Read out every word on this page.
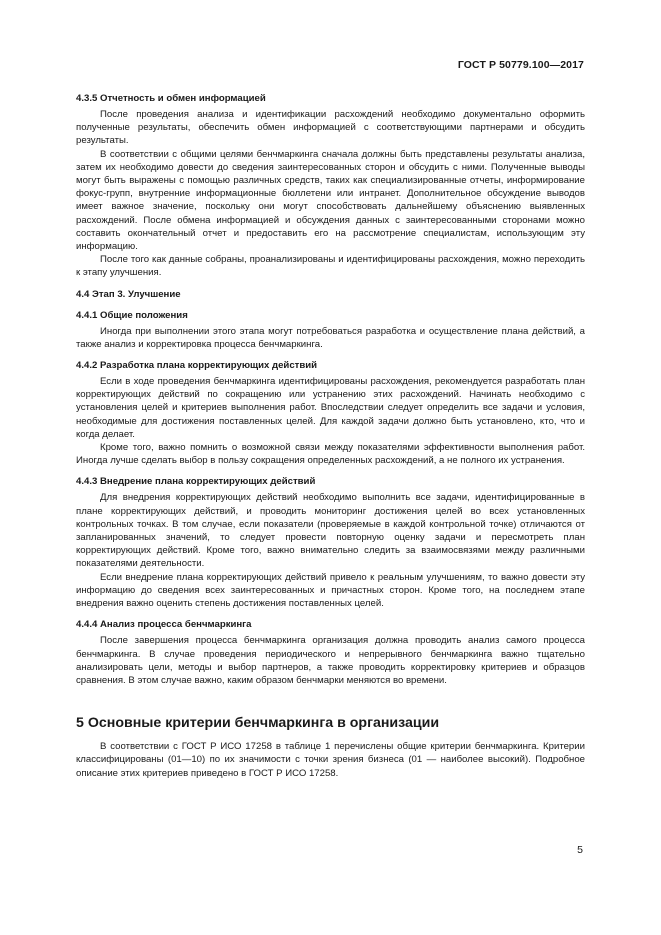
ГОСТ Р 50779.100—2017

4.3.5 Отчетность и обмен информацией

После проведения анализа и идентификации расхождений необходимо документально оформить полученные результаты, обеспечить обмен информацией с соответствующими партнерами и обсудить результаты.

В соответствии с общими целями бенчмаркинга сначала должны быть представлены результаты анализа, затем их необходимо довести до сведения заинтересованных сторон и обсудить с ними. Полученные выводы могут быть выражены с помощью различных средств, таких как специализированные отчеты, информирование фокус-групп, внутренние информационные бюллетени или интранет. Дополнительное обсуждение выводов имеет важное значение, поскольку они могут способствовать дальнейшему объяснению выявленных расхождений. После обмена информацией и обсуждения данных с заинтересованными сторонами можно составить окончательный отчет и предоставить его на рассмотрение специалистам, использующим эту информацию.

После того как данные собраны, проанализированы и идентифицированы расхождения, можно переходить к этапу улучшения.

4.4 Этап 3. Улучшение

4.4.1 Общие положения

Иногда при выполнении этого этапа могут потребоваться разработка и осуществление плана действий, а также анализ и корректировка процесса бенчмаркинга.

4.4.2 Разработка плана корректирующих действий

Если в ходе проведения бенчмаркинга идентифицированы расхождения, рекомендуется разработать план корректирующих действий по сокращению или устранению этих расхождений. Начинать необходимо с установления целей и критериев выполнения работ. Впоследствии следует определить все задачи и условия, необходимые для достижения поставленных целей. Для каждой задачи должно быть установлено, кто, что и когда делает.

Кроме того, важно помнить о возможной связи между показателями эффективности выполнения работ. Иногда лучше сделать выбор в пользу сокращения определенных расхождений, а не полного их устранения.

4.4.3 Внедрение плана корректирующих действий

Для внедрения корректирующих действий необходимо выполнить все задачи, идентифицированные в плане корректирующих действий, и проводить мониторинг достижения целей во всех установленных контрольных точках. В том случае, если показатели (проверяемые в каждой контрольной точке) отличаются от запланированных значений, то следует провести повторную оценку задачи и пересмотреть план корректирующих действий. Кроме того, важно внимательно следить за взаимосвязями между различными показателями деятельности.

Если внедрение плана корректирующих действий привело к реальным улучшениям, то важно довести эту информацию до сведения всех заинтересованных и причастных сторон. Кроме того, на последнем этапе внедрения важно оценить степень достижения поставленных целей.

4.4.4 Анализ процесса бенчмаркинга

После завершения процесса бенчмаркинга организация должна проводить анализ самого процесса бенчмаркинга. В случае проведения периодического и непрерывного бенчмаркинга важно тщательно анализировать цели, методы и выбор партнеров, а также проводить корректировку критериев и образцов сравнения. В этом случае важно, каким образом бенчмарки меняются во времени.

5 Основные критерии бенчмаркинга в организации

В соответствии с ГОСТ Р ИСО 17258 в таблице 1 перечислены общие критерии бенчмаркинга. Критерии классифицированы (01—10) по их значимости с точки зрения бизнеса (01 — наиболее высокий). Подробное описание этих критериев приведено в ГОСТ Р ИСО 17258.

5
